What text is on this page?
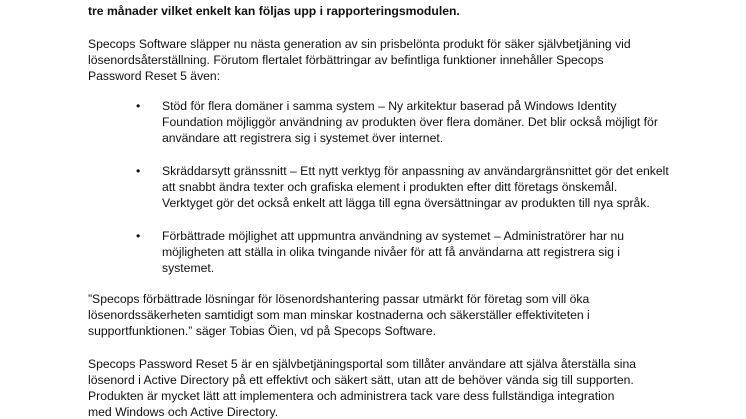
tre månader vilket enkelt kan följas upp i rapporteringsmodulen.
Specops Software släpper nu nästa generation av sin prisbelönta produkt för säker självbetjäning vid
lösenordsåterställning. Förutom flertalet förbättringar av befintliga funktioner innehåller Specops
Password Reset 5 även:
• Stöd för flera domäner i samma system – Ny arkitektur baserad på Windows Identity
Foundation möjliggör användning av produkten över flera domäner. Det blir också möjligt för
användare att registrera sig i systemet över internet.
• Skräddarsytt gränssnitt – Ett nytt verktyg för anpassning av användargränsnittet gör det enkelt
att snabbt ändra texter och grafiska element i produkten efter ditt företags önskemål.
Verktyget gör det också enkelt att lägga till egna översättningar av produkten till nya språk.
• Förbättrade möjlighet att uppmuntra användning av systemet – Administratörer har nu
möjligheten att ställa in olika tvingande nivåer för att få användarna att registrera sig i
systemet.
”Specops förbättrade lösningar för lösenordshantering passar utmärkt för företag som vill öka
lösenordssäkerheten samtidigt som man minskar kostnaderna och säkerställer effektiviteten i
supportfunktionen.” säger Tobias Öien, vd på Specops Software.
Specops Password Reset 5 är en självbetjäningsportal som tillåter användare att själva återställa sina
lösenord i Active Directory på ett effektivt och säkert sätt, utan att de behöver vända sig till supporten.
Produkten är mycket lätt att implementera och administrera tack vare dess fullständiga integration
med Windows och Active Directory.
